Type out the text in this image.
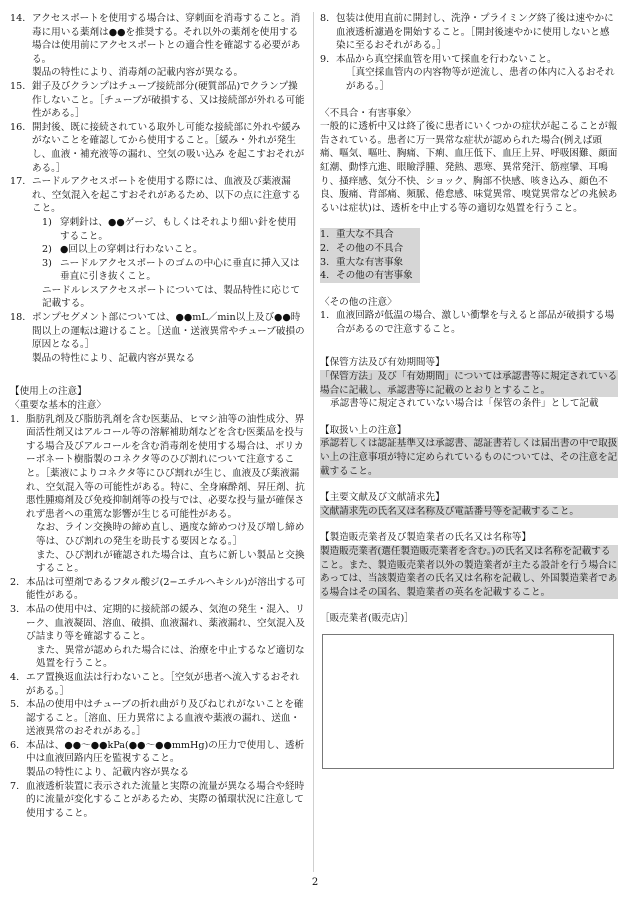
14. アクセスポートを使用する場合は、穿刺面を消毒すること。消毒に用いる薬剤は●●を推奨する。それ以外の薬剤を使用する場合は使用前にアクセスポートとの適合性を確認する必要がある。

製品の特性により、消毒剤の記載内容が異なる。

15. 鉗子及びクランプはチューブ接続部分(硬質部品)でクランプ操作しないこと。［チューブが破損する、又は接続部が外れる可能性がある。］

16. 開封後、既に接続されている取外し可能な接続部に外れや緩みがないことを確認してから使用すること。［緩み・外れが発生し、血液・補充液等の漏れ、空気の吸い込み を起こすおそれがある。］

17. ニードルアクセスポートを使用する際には、血液及び薬液漏れ、空気混入を起こすおそれがあるため、以下の点に注意すること。

1) 穿刺針は、●●ゲージ、もしくはそれより細い針を使用すること。
2) ●回以上の穿刺は行わないこと。
3) ニードルアクセスポートのゴムの中心に垂直に挿入又は垂直に引き抜くこと。

ニードルレスアクセスポートについては、製品特性に応じて記載する。

18. ポンプセグメント部については、●●mL／min以上及び●●時間以上の運転は避けること。［送血・送液異常やチューブ破損の原因となる。］

製品の特性により、記載内容が異なる

【使用上の注意】

〈重要な基本的注意〉

1. 脂肪乳剤及び脂肪乳剤を含む医薬品、ヒマシ油等の油性成分、界面活性剤又はアルコール等の溶解補助剤などを含む医薬品を投与する場合及びアルコールを含む消毒剤を使用する場合は、ポリカーボネート樹脂製のコネクタ等のひび割れについて注意すること。［薬液によりコネクタ等にひび割れが生じ、血液及び薬液漏れ、空気混入等の可能性がある。特に、全身麻酔剤、昇圧剤、抗悪性腫瘍剤及び免疫抑制剤等の投与では、必要な投与量が確保されず患者への重篤な影響が生じる可能性がある。

なお、ライン交換時の締め直し、過度な締めつけ及び増し締め等は、ひび割れの発生を助長する要因となる。］

また、ひび割れが確認された場合は、直ちに新しい製品と交換すること。

2. 本品は可塑剤であるフタル酸ジ(2−エチルヘキシル)が溶出する可能性がある。

3. 本品の使用中は、定期的に接続部の緩み、気泡の発生・混入、リーク、血液凝固、溶血、破損、血液漏れ、薬液漏れ、空気混入及び詰まり等を確認すること。

また、異常が認められた場合には、治療を中止するなど適切な処置を行うこと。

4. エア置換返血法は行わないこと。［空気が患者へ流入するおそれがある。］

5. 本品の使用中はチューブの折れ曲がり及びねじれがないことを確認すること。［溶血、圧力異常による血液や薬液の漏れ、送血・送液異常のおそれがある。］

6. 本品は、●●〜●●kPa(●●〜●●mmHg)の圧力で使用し、透析中は血液回路内圧を監視すること。

製品の特性により、記載内容が異なる

7. 血液透析装置に表示された流量と実際の流量が異なる場合や経時的に流量が変化することがあるため、実際の循環状況に注意して使用すること。

8. 包装は使用直前に開封し、洗浄・プライミング終了後は速やかに血液透析濾過を開始すること。［開封後速やかに使用しないと感染に至るおそれがある。］

9. 本品から真空採血管を用いて採血を行わないこと。

［真空採血管内の内容物等が逆流し、患者の体内に入るおそれがある。］

〈不具合・有害事象〉

一般的に透析中又は終了後に患者にいくつかの症状が起こることが報告されている。患者に万一異常な症状が認められた場合(例えば頭痛、嘔気、嘔吐、胸痛、下痢、血圧低下、血圧上昇、呼吸困難、顔面紅潮、動悸亢進、眼瞼浮腫、発熱、悪寒、異常発汗、筋痙攣、耳鳴り、掻痒感、気分不快、ショック、胸部不快感、咳き込み、顔色不良、腹痛、背部痛、頻脈、倦怠感、味覚異常、嗅覚異常などの兆候あるいは症状)は、透析を中止する等の適切な処置を行うこと。

1. 重大な不具合
2. その他の不具合
3. 重大な有害事象
4. その他の有害事象

〈その他の注意〉

1. 血液回路が低温の場合、激しい衝撃を与えると部品が破損する場合があるので注意すること。

【保管方法及び有効期間等】

「保管方法」及び「有効期間」については承認書等に規定されている場合に記載し、承認書等に記載のとおりとすること。

承認書等に規定されていない場合は「保管の条件」として記載

【取扱い上の注意】

承認若しくは認証基準又は承認書、認証書若しくは届出書の中で取扱い上の注意事項が特に定められているものについては、その注意を記載すること。

【主要文献及び文献請求先】

文献請求先の氏名又は名称及び電話番号等を記載すること。

【製造販売業者及び製造業者の氏名又は名称等】

製造販売業者(選任製造販売業者を含む。)の氏名又は名称を記載すること。また、製造販売業者以外の製造業者が主たる設計を行う場合にあっては、当該製造業者の氏名又は名称を記載し、外国製造業者である場合はその国名、製造業者の英名を記載すること。

［販売業者(販売店)］

2
